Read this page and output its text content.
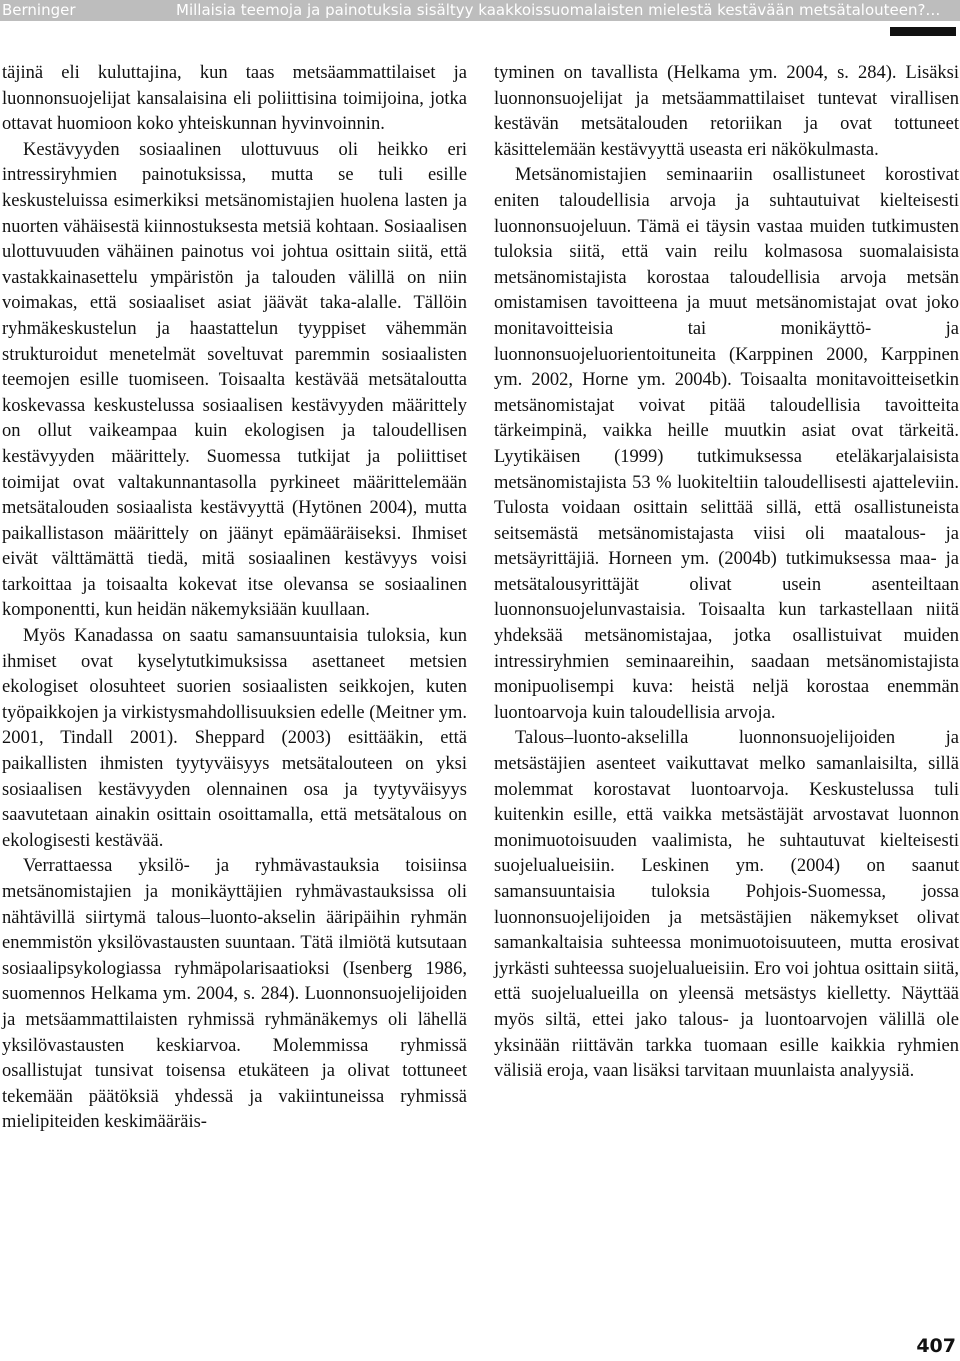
Berninger	Millaisia teemoja ja painotuksia sisältyy kaakkoissuomalaisten mielestä kestävään metsätalouteen?…

täjinä eli kuluttajina, kun taas metsäammattilaiset ja luonnonsuojelijat kansalaisina eli poliittisina toimijoina, jotka ottavat huomioon koko yhteiskunnan hyvinvoinnin.

Kestävyyden sosiaalinen ulottuvuus oli heikko eri intressiryhmien painotuksissa, mutta se tuli esille keskusteluissa esimerkiksi metsänomistajien huolena lasten ja nuorten vähäisestä kiinnostuksesta metsiä kohtaan. Sosiaalisen ulottuvuuden vähäinen painotus voi johtua osittain siitä, että vastakkainasettelu ympäristön ja talouden välillä on niin voimakas, että sosiaaliset asiat jäävät taka-alalle. Tällöin ryhmäkeskustelun ja haastattelun tyyppiset vähemmän strukturoidut menetelmät soveltuvat paremmin sosiaalisten teemojen esille tuomiseen. Toisaalta kestävää metsätaloutta koskevassa keskustelussa sosiaalisen kestävyyden määrittely on ollut vaikeampaa kuin ekologisen ja taloudellisen kestävyyden määrittely. Suomessa tutkijat ja poliittiset toimijat ovat valtakunnantasolla pyrkineet määrittelemään metsätalouden sosiaalista kestävyyttä (Hytönen 2004), mutta paikallistason määrittely on jäänyt epämääräiseksi. Ihmiset eivät välttämättä tiedä, mitä sosiaalinen kestävyys voisi tarkoittaa ja toisaalta kokevat itse olevansa se sosiaalinen komponentti, kun heidän näkemyksiään kuullaan.

Myös Kanadassa on saatu samansuuntaisia tuloksia, kun ihmiset ovat kyselytutkimuksissa asettaneet metsien ekologiset olosuhteet suorien sosiaalisten seikkojen, kuten työpaikkojen ja virkistysmahdollisuuksien edelle (Meitner ym. 2001, Tindall 2001). Sheppard (2003) esittääkin, että paikallisten ihmisten tyytyväisyys metsätalouteen on yksi sosiaalisen kestävyyden olennainen osa ja tyytyväisyys saavutetaan ainakin osittain osoittamalla, että metsätalous on ekologisesti kestävää.

Verrattaessa yksilö- ja ryhmävastauksia toisiinsa metsänomistajien ja monikäyttäjien ryhmävastauksissa oli nähtävillä siirtymä talous–luonto-akselin ääripäihin ryhmän enemmistön yksilövastausten suuntaan. Tätä ilmiötä kutsutaan sosiaalipsykologiassa ryhmäpolarisaatioksi (Isenberg 1986, suomennos Helkama ym. 2004, s. 284). Luonnonsuojelijoiden ja metsäammattilaisten ryhmissä ryhmänäkemys oli lähellä yksilövastausten keskiarvoa. Molemmissa ryhmissä osallistujat tunsivat toisensa etukäteen ja olivat tottuneet tekemään päätöksiä yhdessä ja vakiintuneissa ryhmissä mielipiteiden keskimääräis-

tyminen on tavallista (Helkama ym. 2004, s. 284). Lisäksi luonnonsuojelijat ja metsäammattilaiset tuntevat virallisen kestävän metsätalouden retoriikan ja ovat tottuneet käsittelemään kestävyyttä useasta eri näkökulmasta.

Metsänomistajien seminaariin osallistuneet korostivat eniten taloudellisia arvoja ja suhtautuivat kielteisesti luonnonsuojeluun. Tämä ei täysin vastaa muiden tutkimusten tuloksia siitä, että vain reilu kolmasosa suomalaisista metsänomistajista korostaa taloudellisia arvoja metsän omistamisen tavoitteena ja muut metsänomistajat ovat joko monitavoitteisia tai monikäyttö- ja luonnonsuojeluorientoituneita (Karppinen 2000, Karppinen ym. 2002, Horne ym. 2004b). Toisaalta monitavoitteisetkin metsänomistajat voivat pitää taloudellisia tavoitteita tärkeimpinä, vaikka heille muutkin asiat ovat tärkeitä. Lyytikäisen (1999) tutkimuksessa eteläkarjalaisista metsänomistajista 53 % luokiteltiin taloudellisesti ajatteleviin. Tulosta voidaan osittain selittää sillä, että osallistuneista seitsemästä metsänomistajasta viisi oli maatalous- ja metsäyrittäjiä. Horneen ym. (2004b) tutkimuksessa maa- ja metsätalousyrittäjät olivat usein asenteiltaan luonnonsuojelunvastaisia. Toisaalta kun tarkastellaan niitä yhdeksää metsänomistajaa, jotka osallistuivat muiden intressiryhmien seminaareihin, saadaan metsänomistajista monipuolisempi kuva: heistä neljä korostaa enemmän luontoarvoja kuin taloudellisia arvoja.

Talous–luonto-akselilla luonnonsuojelijoiden ja metsästäjien asenteet vaikuttavat melko samanlaisilta, sillä molemmat korostavat luontoarvoja. Keskustelussa tuli kuitenkin esille, että vaikka metsästäjät arvostavat luonnon monimuotoisuuden vaalimista, he suhtautuvat kielteisesti suojelualueisiin. Leskinen ym. (2004) on saanut samansuuntaisia tuloksia Pohjois-Suomessa, jossa luonnonsuojelijoiden ja metsästäjien näkemykset olivat samankaltaisia suhteessa monimuotoisuuteen, mutta erosivat jyrkästi suhteessa suojelualueisiin. Ero voi johtua osittain siitä, että suojelualueilla on yleensä metsästys kielletty. Näyttää myös siltä, ettei jako talous- ja luontoarvojen välillä ole yksinään riittävän tarkka tuomaan esille kaikkia ryhmien välisiä eroja, vaan lisäksi tarvitaan muunlaista analyysiä.

407
